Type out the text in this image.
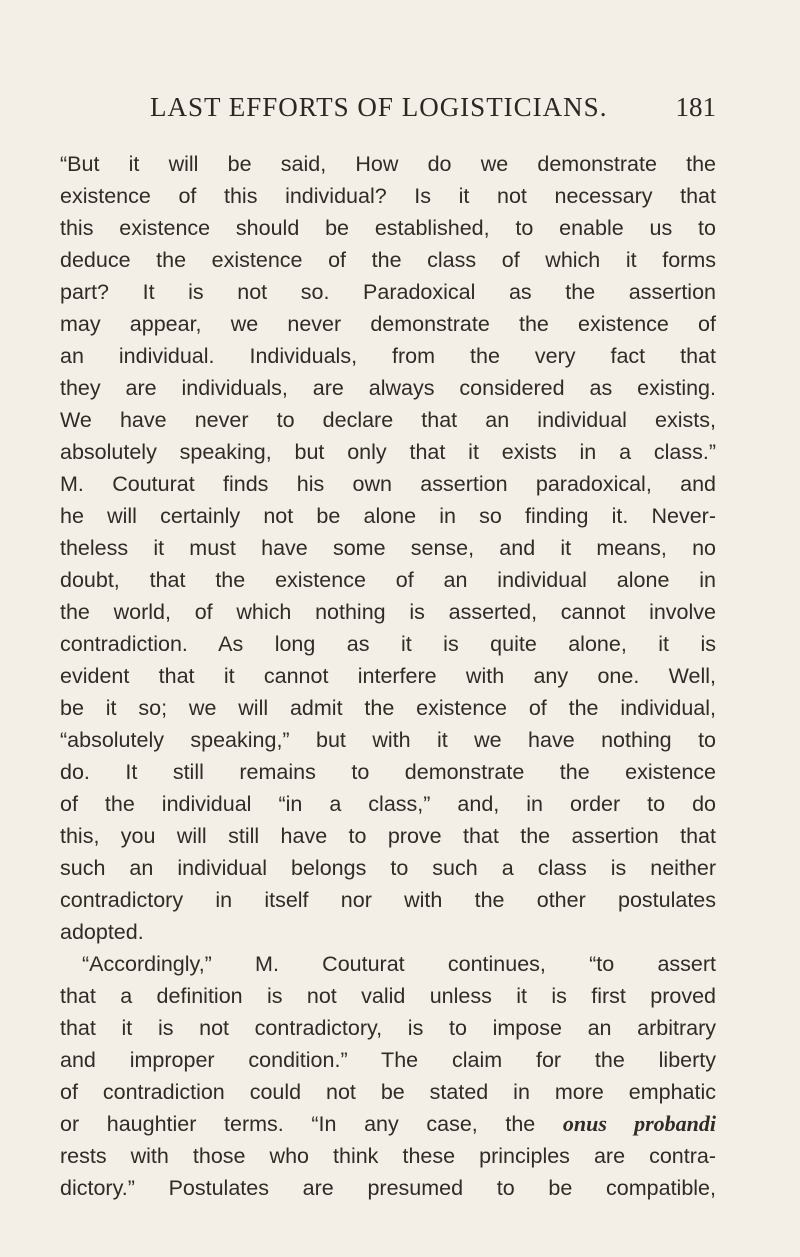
LAST EFFORTS OF LOGISTICIANS.	181
“But it will be said, How do we demonstrate the
existence of this individual? Is it not necessary that
this existence should be established, to enable us to
deduce the existence of the class of which it forms
part? It is not so. Paradoxical as the assertion
may appear, we never demonstrate the existence of
an individual. Individuals, from the very fact that
they are individuals, are always considered as existing.
We have never to declare that an individual exists,
absolutely speaking, but only that it exists in a class.”
M. Couturat finds his own assertion paradoxical, and
he will certainly not be alone in so finding it. Never-
theless it must have some sense, and it means, no
doubt, that the existence of an individual alone in
the world, of which nothing is asserted, cannot involve
contradiction. As long as it is quite alone, it is
evident that it cannot interfere with any one. Well,
be it so; we will admit the existence of the individual,
“absolutely speaking,” but with it we have nothing to
do. It still remains to demonstrate the existence
of the individual “in a class,” and, in order to do
this, you will still have to prove that the assertion that
such an individual belongs to such a class is neither
contradictory in itself nor with the other postulates
adopted.
“Accordingly,” M. Couturat continues, “to assert
that a definition is not valid unless it is first proved
that it is not contradictory, is to impose an arbitrary
and improper condition.” The claim for the liberty
of contradiction could not be stated in more emphatic
or haughtier terms. “In any case, the onus probandi
rests with those who think these principles are contra-
dictory.” Postulates are presumed to be compatible,
